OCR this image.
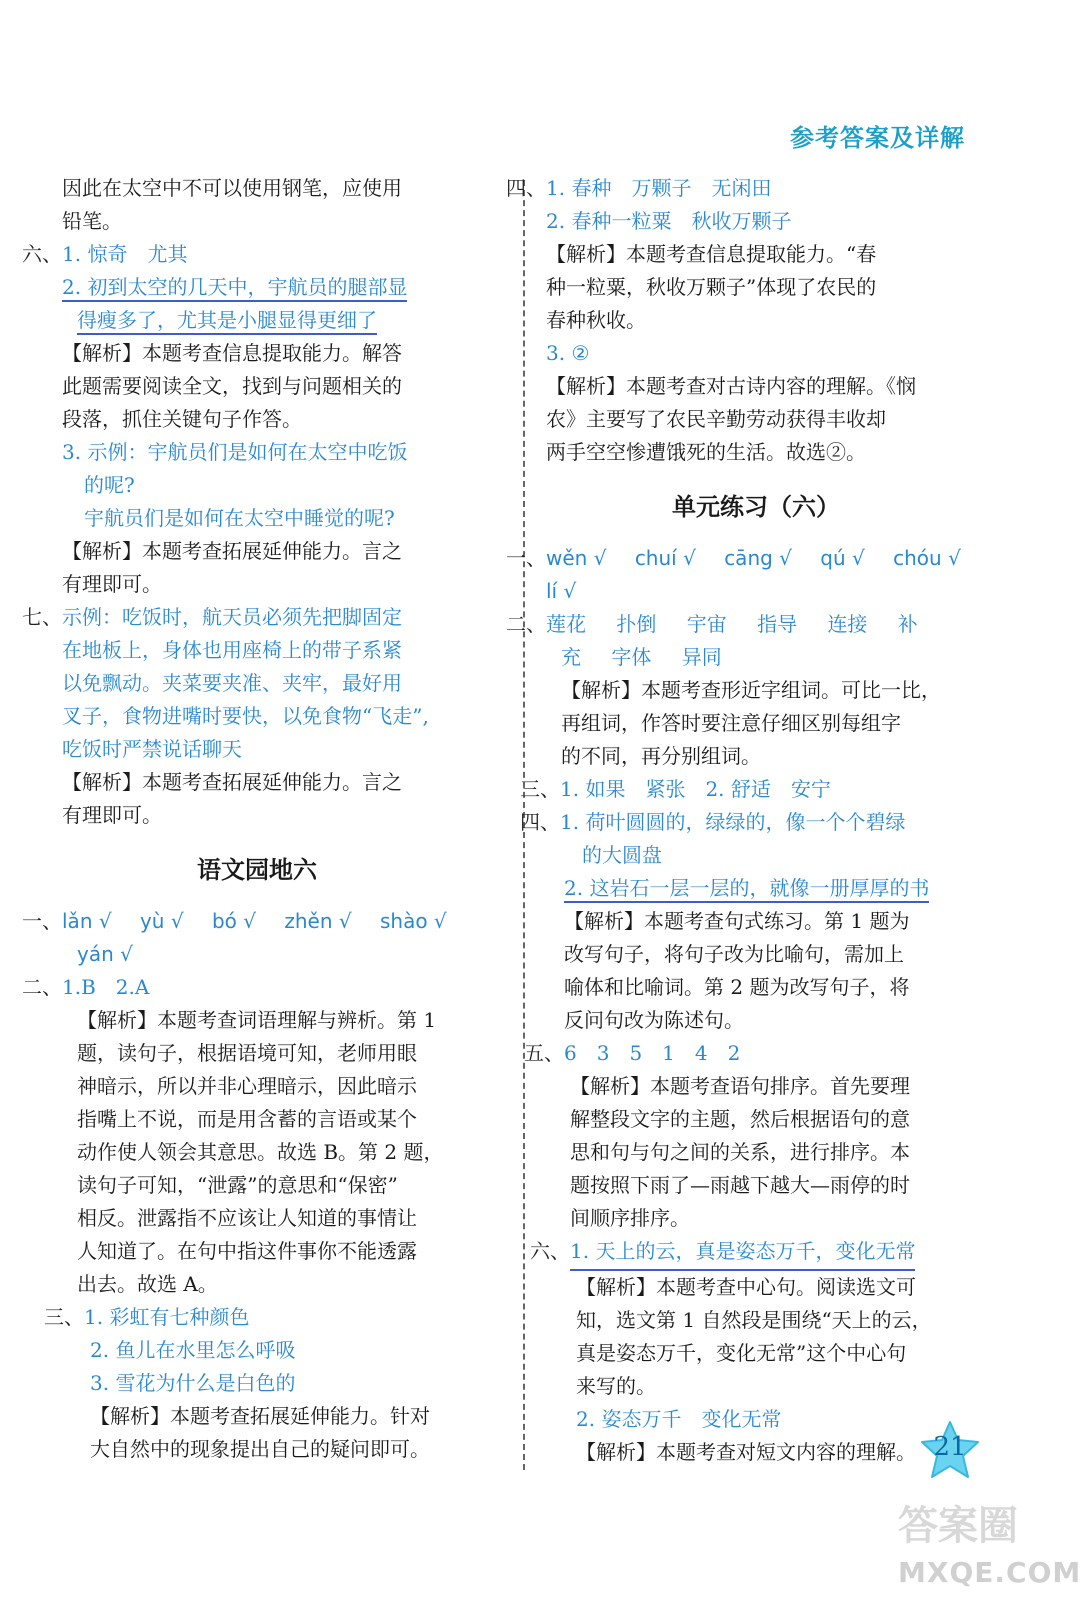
参考答案及详解

因此在太空中不可以使用钢笔，应使用

铅笔。

六、 1. 惊奇　尤其

2. 初到太空的几天中，宇航员的腿部显

得瘦多了，尤其是小腿显得更细了

【解析】本题考查信息提取能力。解答

此题需要阅读全文，找到与问题相关的

段落，抓住关键句子作答。

3. 示例：宇航员们是如何在太空中吃饭

的呢?

宇航员们是如何在太空中睡觉的呢?

【解析】本题考查拓展延伸能力。言之

有理即可。

七、 示例：吃饭时，航天员必须先把脚固定

在地板上，身体也用座椅上的带子系紧

以免飘动。夹菜要夹准、夹牢，最好用

叉子，食物进嘴时要快，以免食物“飞走”,

吃饭时严禁说话聊天

【解析】本题考查拓展延伸能力。言之

有理即可。

语文园地六
一、 lǎn √ yù √ bó √ zhěn √ shào √

yán √

二、 1.B　2.A

【解析】本题考查词语理解与辨析。第 1

题，读句子，根据语境可知，老师用眼

神暗示，所以并非心理暗示，因此暗示

指嘴上不说，而是用含蓄的言语或某个

动作使人领会其意思。故选 B。第 2 题，

读句子可知，“泄露”的意思和“保密”

相反。泄露指不应该让人知道的事情让

人知道了。在句中指这件事你不能透露

出去。故选 A。

三、 1. 彩虹有七种颜色

2. 鱼儿在水里怎么呼吸

3. 雪花为什么是白色的

【解析】本题考查拓展延伸能力。针对

大自然中的现象提出自己的疑问即可。

四、 1. 春种　万颗子　无闲田

2. 春种一粒粟　秋收万颗子

【解析】本题考查信息提取能力。“春

种一粒粟，秋收万颗子”体现了农民的

春种秋收。

3. ②

【解析】本题考查对古诗内容的理解。《悯

农》主要写了农民辛勤劳动获得丰收却

两手空空惨遭饿死的生活。故选②。

单元练习（六）
一、 wěn √ chuí √ cāng √ qú √ chóu √

lí √

二、 莲花 扑倒 宇宙 指导 连接 补

充 字体 异同

【解析】本题考查形近字组词。可比一比，

再组词，作答时要注意仔细区别每组字

的不同，再分别组词。

三、 1. 如果　紧张　2. 舒适　安宁
四、 1. 荷叶圆圆的，绿绿的，像一个个碧绿

的大圆盘

2. 这岩石一层一层的，就像一册厚厚的书

【解析】本题考查句式练习。第 1 题为

改写句子，将句子改为比喻句，需加上

喻体和比喻词。第 2 题为改写句子，将

反问句改为陈述句。

五、 6　3　5　1　4　2

【解析】本题考查语句排序。首先要理

解整段文字的主题，然后根据语句的意

思和句与句之间的关系，进行排序。本

题按照下雨了—雨越下越大—雨停的时

间顺序排序。

六、 1. 天上的云，真是姿态万千，变化无常

【解析】本题考查中心句。阅读选文可

知，选文第 1 自然段是围绕“天上的云，

真是姿态万千，变化无常”这个中心句

来写的。

2. 姿态万千　变化无常

【解析】本题考查对短文内容的理解。 21
答案圈
MXQE.COM
